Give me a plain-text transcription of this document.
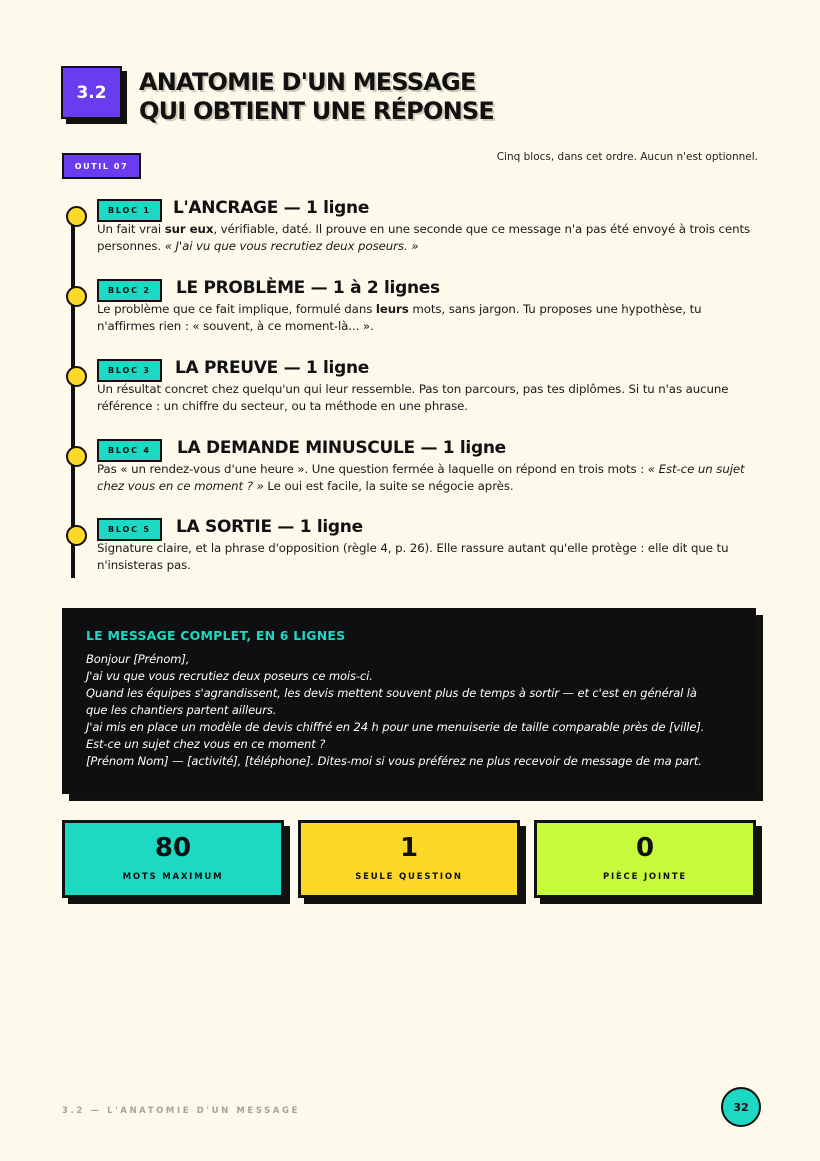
3.2 ANATOMIE D'UN MESSAGE
QUI OBTIENT UNE RÉPONSE
OUTIL 07
Cinq blocs, dans cet ordre. Aucun n'est optionnel.
BLOC 1	L'ANCRAGE — 1 ligne
Un fait vrai sur eux, vérifiable, daté. Il prouve en une seconde que ce message n'a pas été envoyé à trois cents personnes. « J'ai vu que vous recrutiez deux poseurs. »
BLOC 2	LE PROBLÈME — 1 à 2 lignes
Le problème que ce fait implique, formulé dans leurs mots, sans jargon. Tu proposes une hypothèse, tu n'affirmes rien : « souvent, à ce moment-là... ».
BLOC 3	LA PREUVE — 1 ligne
Un résultat concret chez quelqu'un qui leur ressemble. Pas ton parcours, pas tes diplômes. Si tu n'as aucune référence : un chiffre du secteur, ou ta méthode en une phrase.
BLOC 4	LA DEMANDE MINUSCULE — 1 ligne
Pas « un rendez-vous d'une heure ». Une question fermée à laquelle on répond en trois mots : « Est-ce un sujet chez vous en ce moment ? » Le oui est facile, la suite se négocie après.
BLOC 5	LA SORTIE — 1 ligne
Signature claire, et la phrase d'opposition (règle 4, p. 26). Elle rassure autant qu'elle protège : elle dit que tu n'insisteras pas.
LE MESSAGE COMPLET, EN 6 LIGNES
Bonjour [Prénom],
J'ai vu que vous recrutiez deux poseurs ce mois-ci.
Quand les équipes s'agrandissent, les devis mettent souvent plus de temps à sortir — et c'est en général là
que les chantiers partent ailleurs.
J'ai mis en place un modèle de devis chiffré en 24 h pour une menuiserie de taille comparable près de [ville].
Est-ce un sujet chez vous en ce moment ?
[Prénom Nom] — [activité], [téléphone]. Dites-moi si vous préférez ne plus recevoir de message de ma part.
80
MOTS MAXIMUM
1
SEULE QUESTION
0
PIÈCE JOINTE
3.2 — L'ANATOMIE D'UN MESSAGE	32
